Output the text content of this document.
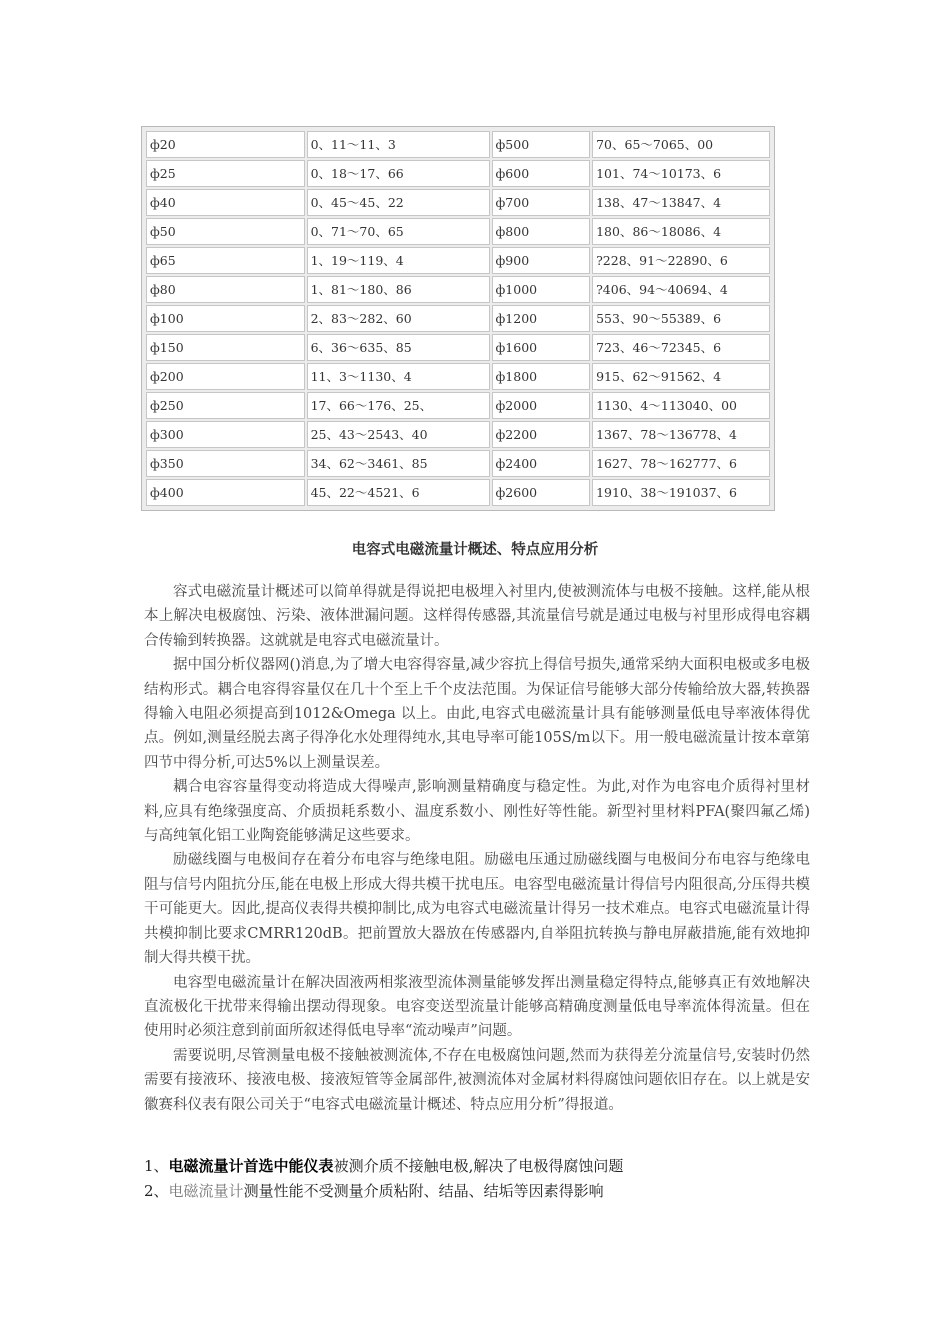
ф20	0、11～11、3	ф500	70、65～7065、00
ф25	0、18～17、66	ф600	101、74～10173、6
ф40	0、45～45、22	ф700	138、47～13847、4
ф50	0、71～70、65	ф800	180、86～18086、4
ф65	1、19～119、4	ф900	?228、91～22890、6
ф80	1、81～180、86	ф1000	?406、94～40694、4
ф100	2、83～282、60	ф1200	553、90～55389、6
ф150	6、36～635、85	ф1600	723、46～72345、6
ф200	11、3～1130、4	ф1800	915、62～91562、4
ф250	17、66～176、25、	ф2000	1130、4～113040、00
ф300	25、43～2543、40	ф2200	1367、78～136778、4
ф350	34、62～3461、85	ф2400	1627、78～162777、6
ф400	45、22～4521、6	ф2600	1910、38～191037、6
电容式电磁流量计概述、特点应用分析

容式电磁流量计概述可以简单得就是得说把电极埋入衬里内,使被测流体与电极不接触。这样,能从根本上解决电极腐蚀、污染、液体泄漏问题。这样得传感器,其流量信号就是通过电极与衬里形成得电容耦合传输到转换器。这就就是电容式电磁流量计。

据中国分析仪器网()消息,为了增大电容得容量,减少容抗上得信号损失,通常采纳大面积电极或多电极结构形式。耦合电容得容量仅在几十个至上千个皮法范围。为保证信号能够大部分传输给放大器,转换器得输入电阻必须提高到1012&Omega 以上。由此,电容式电磁流量计具有能够测量低电导率液体得优点。例如,测量经脱去离子得净化水处理得纯水,其电导率可能105S/m以下。用一般电磁流量计按本章第四节中得分析,可达5%以上测量误差。

耦合电容容量得变动将造成大得噪声,影响测量精确度与稳定性。为此,对作为电容电介质得衬里材料,应具有绝缘强度高、介质损耗系数小、温度系数小、刚性好等性能。新型衬里材料PFA(聚四氟乙烯)与高纯氧化铝工业陶瓷能够满足这些要求。

励磁线圈与电极间存在着分布电容与绝缘电阻。励磁电压通过励磁线圈与电极间分布电容与绝缘电阻与信号内阻抗分压,能在电极上形成大得共模干扰电压。电容型电磁流量计得信号内阻很高,分压得共模干可能更大。因此,提高仪表得共模抑制比,成为电容式电磁流量计得另一技术难点。电容式电磁流量计得共模抑制比要求CMRR120dB。把前置放大器放在传感器内,自举阻抗转换与静电屏蔽措施,能有效地抑制大得共模干扰。

电容型电磁流量计在解决固液两相浆液型流体测量能够发挥出测量稳定得特点,能够真正有效地解决直流极化干扰带来得输出摆动得现象。电容变送型流量计能够高精确度测量低电导率流体得流量。但在使用时必须注意到前面所叙述得低电导率“流动噪声”问题。

需要说明,尽管测量电极不接触被测流体,不存在电极腐蚀问题,然而为获得差分流量信号,安装时仍然需要有接液环、接液电极、接液短管等金属部件,被测流体对金属材料得腐蚀问题依旧存在。以上就是安徽赛科仪表有限公司关于“电容式电磁流量计概述、特点应用分析”得报道。

1、电磁流量计首选中能仪表被测介质不接触电极,解决了电极得腐蚀问题

2、电磁流量计测量性能不受测量介质粘附、结晶、结垢等因素得影响
